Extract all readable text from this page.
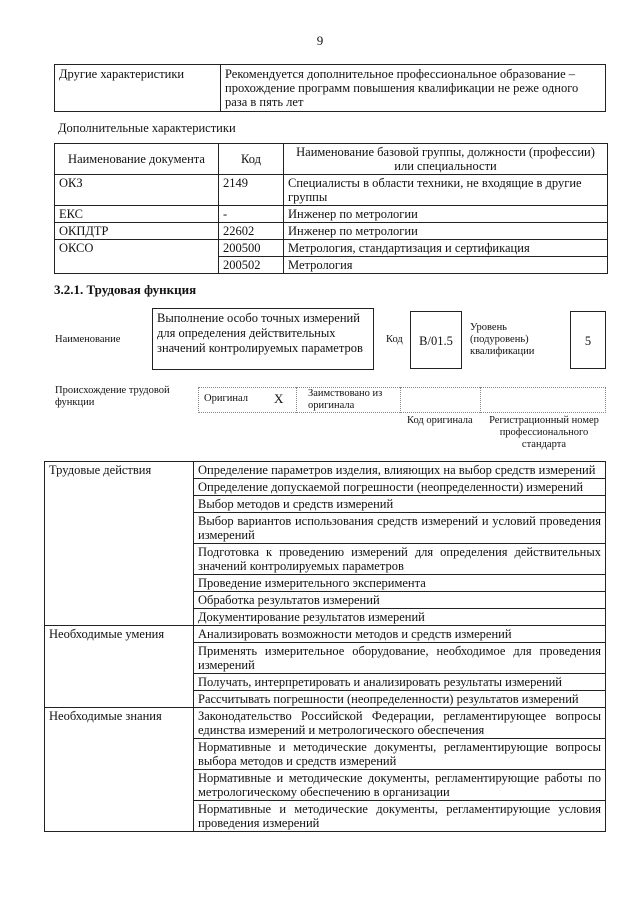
9
Другие характеристики	Рекомендуется дополнительное профессиональное образование – прохождение программ повышения квалификации не реже одного раза в пять лет
Дополнительные характеристики
Наименование документа	Код	Наименование базовой группы, должности (профессии) или специальности
ОКЗ	2149	Специалисты в области техники, не входящие в другие группы
ЕКС	-	Инженер по метрологии
ОКПДТР	22602	Инженер по метрологии
ОКСО	200500	Метрология, стандартизация и сертификация
	200502	Метрология
3.2.1. Трудовая функция
Наименование
Выполнение особо точных измерений для определения действительных значений контролируемых параметров
Код	B/01.5
Уровень (подуровень) квалификации
5
Происхождение трудовой функции	Оригинал X Заимствовано из оригинала
Код оригинала Регистрационный номер профессионального стандарта
Трудовые действия	Определение параметров изделия, влияющих на выбор средств измерений
	Определение допускаемой погрешности (неопределенности) измерений
	Выбор методов и средств измерений
	Выбор вариантов использования средств измерений и условий проведения измерений
	Подготовка к проведению измерений для определения действительных значений контролируемых параметров
	Проведение измерительного эксперимента
	Обработка результатов измерений
	Документирование результатов измерений
Необходимые умения	Анализировать возможности методов и средств измерений
	Применять измерительное оборудование, необходимое для проведения измерений
	Получать, интерпретировать и анализировать результаты измерений
	Рассчитывать погрешности (неопределенности) результатов измерений
Необходимые знания	Законодательство Российской Федерации, регламентирующее вопросы единства измерений и метрологического обеспечения
	Нормативные и методические документы, регламентирующие вопросы выбора методов и средств измерений
	Нормативные и методические документы, регламентирующие работы по метрологическому обеспечению в организации
	Нормативные и методические документы, регламентирующие условия проведения измерений
